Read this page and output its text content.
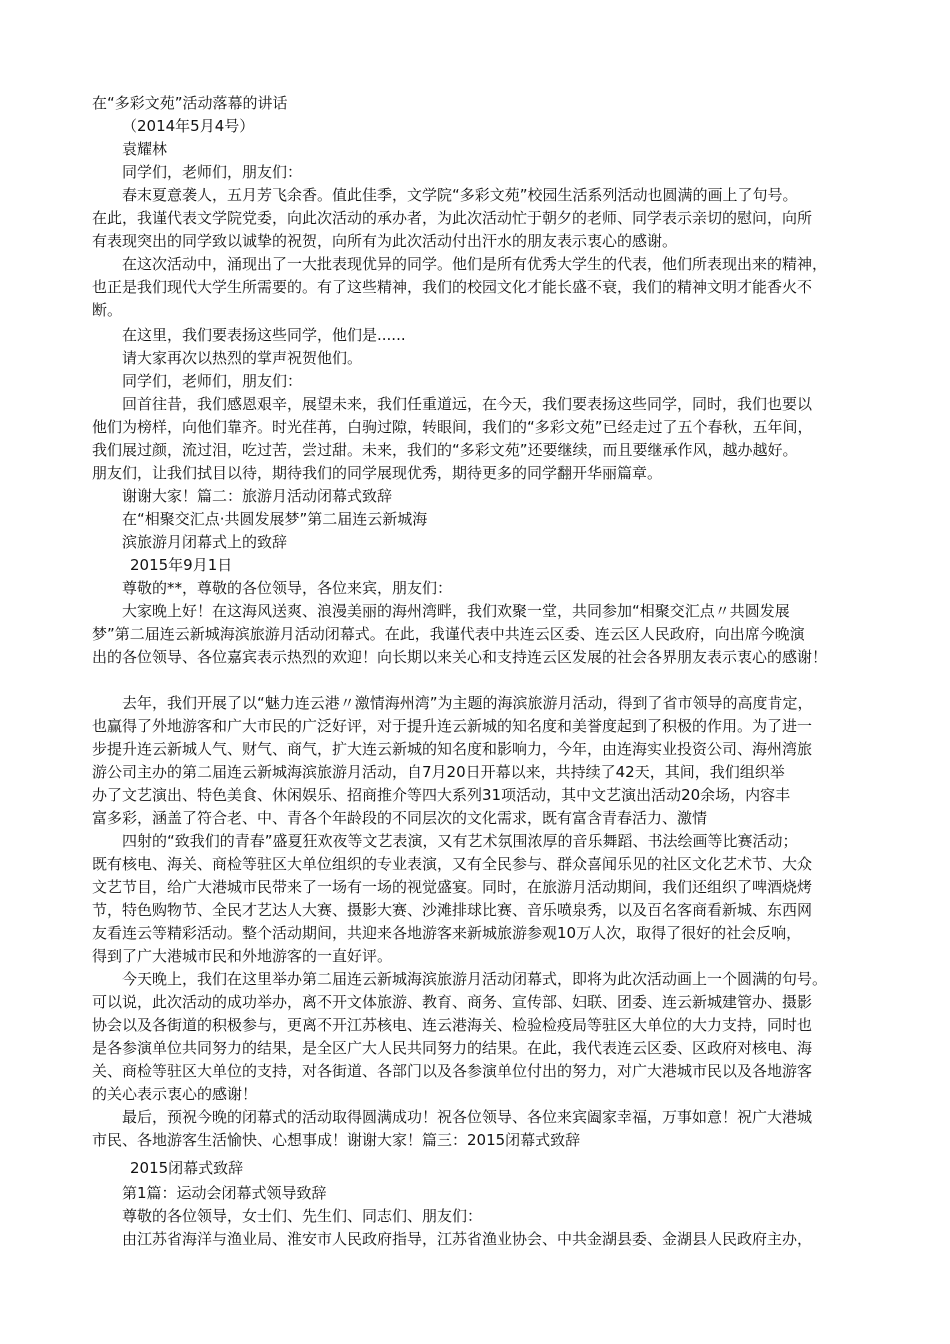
在“多彩文苑”活动落幕的讲话
（2014年5月4号）
袁耀林
同学们，老师们，朋友们：
春末夏意袭人，五月芳飞余香。值此佳季，文学院“多彩文苑”校园生活系列活动也圆满的画上了句号。
在此，我谨代表文学院党委，向此次活动的承办者，为此次活动忙于朝夕的老师、同学表示亲切的慰问，向所
有表现突出的同学致以诚挚的祝贺，向所有为此次活动付出汗水的朋友表示衷心的感谢。
在这次活动中，涌现出了一大批表现优异的同学。他们是所有优秀大学生的代表，他们所表现出来的精神，
也正是我们现代大学生所需要的。有了这些精神，我们的校园文化才能长盛不衰，我们的精神文明才能香火不
断。
在这里，我们要表扬这些同学，他们是......
请大家再次以热烈的掌声祝贺他们。
同学们，老师们，朋友们：
回首往昔，我们感恩艰辛，展望未来，我们任重道远，在今天，我们要表扬这些同学，同时，我们也要以
他们为榜样，向他们靠齐。时光荏苒，白驹过隙，转眼间，我们的“多彩文苑”已经走过了五个春秋，五年间，
我们展过颜，流过泪，吃过苦，尝过甜。未来，我们的“多彩文苑”还要继续，而且要继承作风，越办越好。
朋友们，让我们拭目以待，期待我们的同学展现优秀，期待更多的同学翻开华丽篇章。
谢谢大家！篇二：旅游月活动闭幕式致辞
在“相聚交汇点·共圆发展梦”第二届连云新城海
滨旅游月闭幕式上的致辞
2015年9月1日
尊敬的**，尊敬的各位领导，各位来宾，朋友们：
大家晚上好！在这海风送爽、浪漫美丽的海州湾畔，我们欢聚一堂，共同参加“相聚交汇点〃共圆发展
梦”第二届连云新城海滨旅游月活动闭幕式。在此，我谨代表中共连云区委、连云区人民政府，向出席今晚演
出的各位领导、各位嘉宾表示热烈的欢迎！向长期以来关心和支持连云区发展的社会各界朋友表示衷心的感谢！
去年，我们开展了以“魅力连云港〃激情海州湾”为主题的海滨旅游月活动，得到了省市领导的高度肯定，
也赢得了外地游客和广大市民的广泛好评，对于提升连云新城的知名度和美誉度起到了积极的作用。为了进一
步提升连云新城人气、财气、商气，扩大连云新城的知名度和影响力，今年，由连海实业投资公司、海州湾旅
游公司主办的第二届连云新城海滨旅游月活动，自7月20日开幕以来，共持续了42天，其间，我们组织举
办了文艺演出、特色美食、休闲娱乐、招商推介等四大系列31项活动，其中文艺演出活动20余场，内容丰
富多彩，涵盖了符合老、中、青各个年龄段的不同层次的文化需求，既有富含青春活力、激情
四射的“致我们的青春”盛夏狂欢夜等文艺表演，又有艺术氛围浓厚的音乐舞蹈、书法绘画等比赛活动；
既有核电、海关、商检等驻区大单位组织的专业表演，又有全民参与、群众喜闻乐见的社区文化艺术节、大众
文艺节目，给广大港城市民带来了一场有一场的视觉盛宴。同时，在旅游月活动期间，我们还组织了啤酒烧烤
节，特色购物节、全民才艺达人大赛、摄影大赛、沙滩排球比赛、音乐喷泉秀，以及百名客商看新城、东西网
友看连云等精彩活动。整个活动期间，共迎来各地游客来新城旅游参观10万人次，取得了很好的社会反响，
得到了广大港城市民和外地游客的一直好评。
今天晚上，我们在这里举办第二届连云新城海滨旅游月活动闭幕式，即将为此次活动画上一个圆满的句号。
可以说，此次活动的成功举办，离不开文体旅游、教育、商务、宣传部、妇联、团委、连云新城建管办、摄影
协会以及各街道的积极参与，更离不开江苏核电、连云港海关、检验检疫局等驻区大单位的大力支持，同时也
是各参演单位共同努力的结果，是全区广大人民共同努力的结果。在此，我代表连云区委、区政府对核电、海
关、商检等驻区大单位的支持，对各街道、各部门以及各参演单位付出的努力，对广大港城市民以及各地游客
的关心表示衷心的感谢！
最后，预祝今晚的闭幕式的活动取得圆满成功！祝各位领导、各位来宾阖家幸福，万事如意！祝广大港城
市民、各地游客生活愉快、心想事成！谢谢大家！篇三：2015闭幕式致辞
2015闭幕式致辞
第1篇：运动会闭幕式领导致辞
尊敬的各位领导，女士们、先生们、同志们、朋友们：
由江苏省海洋与渔业局、淮安市人民政府指导，江苏省渔业协会、中共金湖县委、金湖县人民政府主办，
